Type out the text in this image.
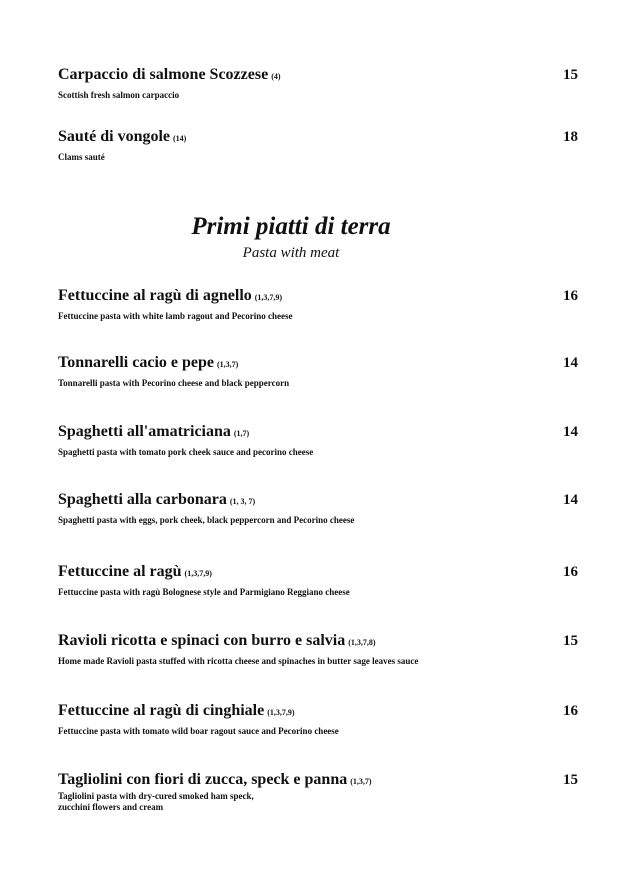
Carpaccio di salmone Scozzese (4)
Scottish fresh salmon carpaccio
15
Sauté di vongole (14)
Clams sauté
18
Primi piatti di terra
Pasta with meat
Fettuccine al ragù di agnello (1,3,7,9)
Fettuccine pasta with white lamb ragout and Pecorino cheese
16
Tonnarelli cacio e pepe (1,3,7)
Tonnarelli pasta with Pecorino cheese and black peppercorn
14
Spaghetti all'amatriciana (1,7)
Spaghetti pasta with tomato pork cheek sauce and pecorino cheese
14
Spaghetti alla carbonara (1, 3, 7)
Spaghetti pasta with eggs, pork cheek, black peppercorn and Pecorino cheese
14
Fettuccine al ragù (1,3,7,9)
Fettuccine pasta with ragù Bolognese style and Parmigiano Reggiano cheese
16
Ravioli ricotta e spinaci con burro e salvia (1,3,7,8)
Home made Ravioli pasta stuffed with ricotta cheese and spinaches in butter sage leaves sauce
15
Fettuccine al ragù di cinghiale (1,3,7,9)
Fettuccine pasta with tomato wild boar ragout sauce and Pecorino cheese
16
Tagliolini con fiori di zucca, speck e panna (1,3,7)
Tagliolini pasta with dry-cured smoked ham speck,
zucchini flowers and cream
15
